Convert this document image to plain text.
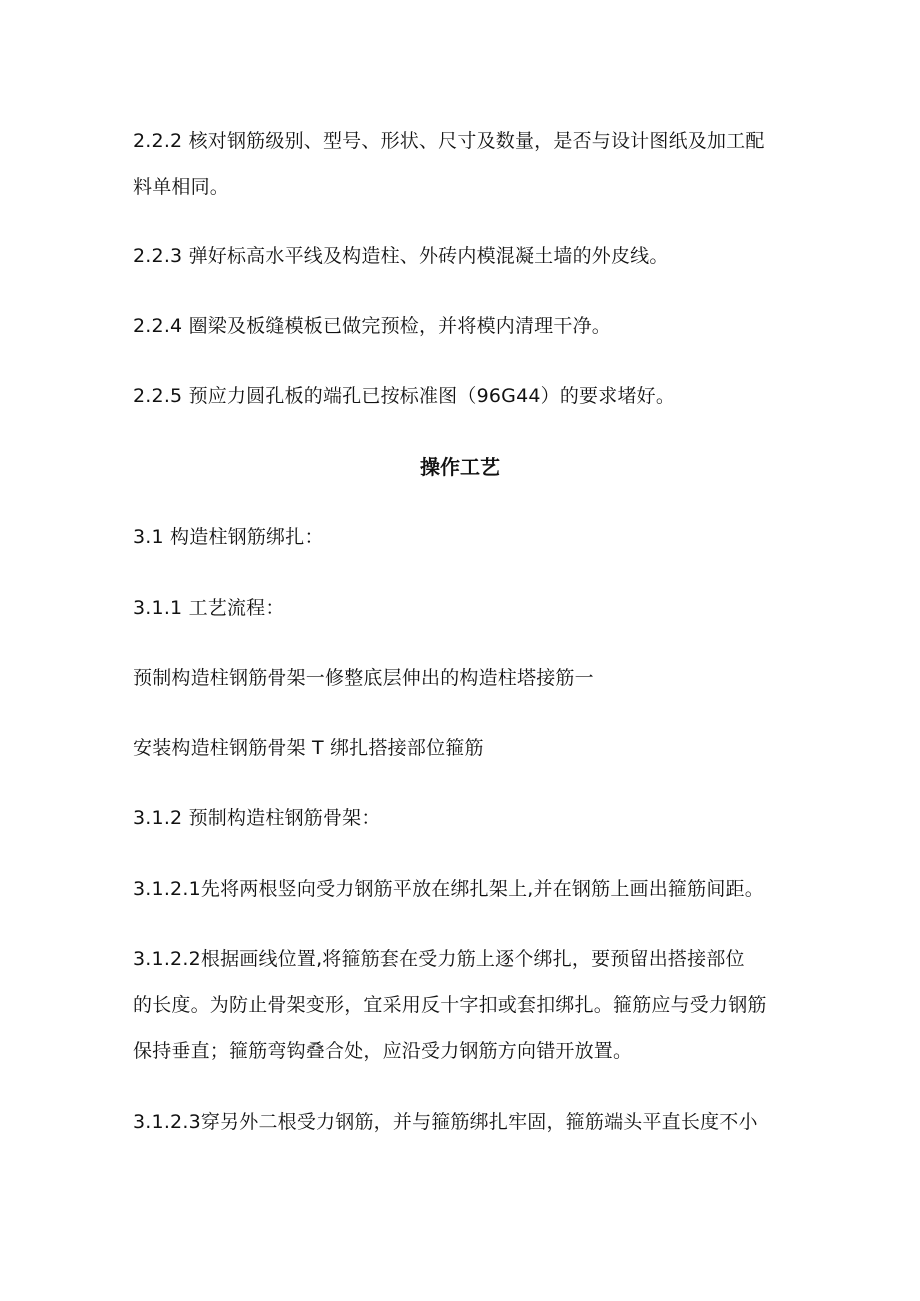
2.2.2 核对钢筋级别、型号、形状、尺寸及数量，是否与设计图纸及加工配
料单相同。
2.2.3 弹好标高水平线及构造柱、外砖内模混凝土墙的外皮线。
2.2.4 圈梁及板缝模板已做完预检，并将模内清理干净。
2.2.5 预应力圆孔板的端孔已按标准图（96G44）的要求堵好。
操作工艺
3.1 构造柱钢筋绑扎：
3.1.1 工艺流程：
预制构造柱钢筋骨架一修整底层伸出的构造柱塔接筋一
安装构造柱钢筋骨架 T 绑扎搭接部位箍筋
3.1.2 预制构造柱钢筋骨架：
3.1.2.1先将两根竖向受力钢筋平放在绑扎架上,并在钢筋上画出箍筋间距。
3.1.2.2根据画线位置,将箍筋套在受力筋上逐个绑扎，要预留出搭接部位
的长度。为防止骨架变形，宜采用反十字扣或套扣绑扎。箍筋应与受力钢筋
保持垂直；箍筋弯钩叠合处，应沿受力钢筋方向错开放置。
3.1.2.3穿另外二根受力钢筋，并与箍筋绑扎牢固，箍筋端头平直长度不小
